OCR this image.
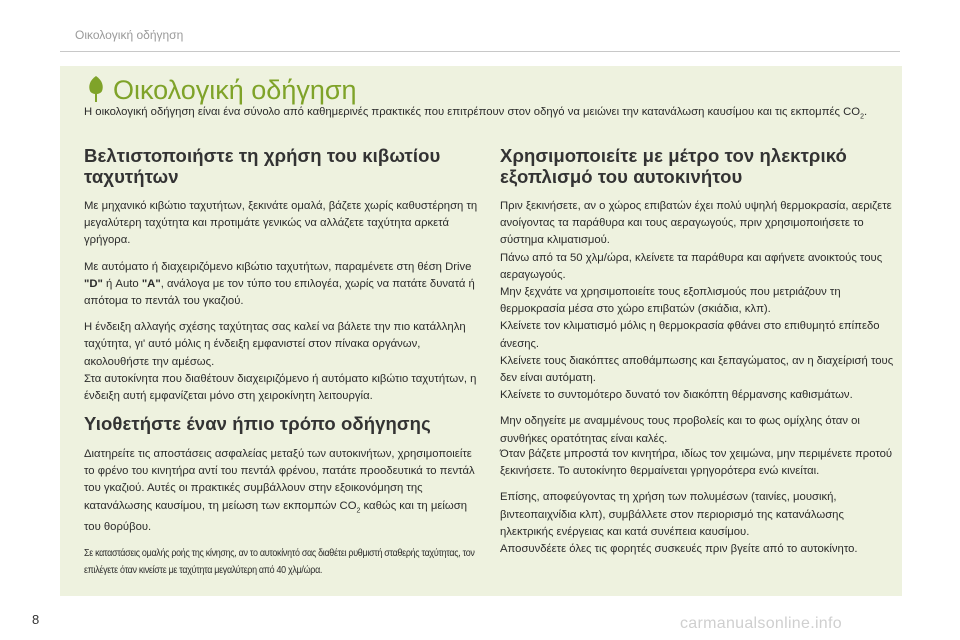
Οικολογική οδήγηση
Οικολογική οδήγηση
Η οικολογική οδήγηση είναι ένα σύνολο από καθημερινές πρακτικές που επιτρέπουν στον οδηγό να μειώνει την κατανάλωση καυσίμου και τις εκπομπές $CO_2$.
Βελτιστοποιήστε τη χρήση του κιβωτίου
ταχυτήτων

Με μηχανικό κιβώτιο ταχυτήτων, ξεκινάτε ομαλά, βάζετε χωρίς καθυστέρηση τη μεγαλύτερη ταχύτητα και προτιμάτε γενικώς να αλλάζετε ταχύτητα αρκετά γρήγορα.

Με αυτόματο ή διαχειριζόμενο κιβώτιο ταχυτήτων, παραμένετε στη θέση Drive "D" ή Auto "A", ανάλογα με τον τύπο του επιλογέα, χωρίς να πατάτε δυνατά ή απότομα το πεντάλ του γκαζιού.

Η ένδειξη αλλαγής σχέσης ταχύτητας σας καλεί να βάλετε την πιο κατάλληλη ταχύτητα, γι' αυτό μόλις η ένδειξη εμφανιστεί στον πίνακα οργάνων, ακολουθήστε την αμέσως.
Στα αυτοκίνητα που διαθέτουν διαχειριζόμενο ή αυτόματο κιβώτιο ταχυτήτων, η ένδειξη αυτή εμφανίζεται μόνο στη χειροκίνητη λειτουργία.

Υιοθετήστε έναν ήπιο τρόπο οδήγησης

Διατηρείτε τις αποστάσεις ασφαλείας μεταξύ των αυτοκινήτων, χρησιμοποιείτε το φρένο του κινητήρα αντί του πεντάλ φρένου, πατάτε προοδευτικά το πεντάλ του γκαζιού. Αυτές οι πρακτικές συμβάλλουν στην εξοικονόμηση της κατανάλωσης καυσίμου, τη μείωση των εκπομπών $CO_2$ καθώς και τη μείωση του θορύβου.

Σε καταστάσεις ομαλής ροής της κίνησης, αν το αυτοκίνητό σας διαθέτει ρυθμιστή σταθερής ταχύτητας, τον επιλέγετε όταν κινείστε με ταχύτητα μεγαλύτερη από 40 χλμ/ώρα.
Χρησιμοποιείτε με μέτρο τον ηλεκτρικό
εξοπλισμό του αυτοκινήτου

Πριν ξεκινήσετε, αν ο χώρος επιβατών έχει πολύ υψηλή θερμοκρασία, αεριζετε ανοίγοντας τα παράθυρα και τους αεραγωγούς, πριν χρησιμοποιήσετε το σύστημα κλιματισμού.
Πάνω από τα 50 χλμ/ώρα, κλείνετε τα παράθυρα και αφήνετε ανοικτούς τους αεραγωγούς.
Μην ξεχνάτε να χρησιμοποιείτε τους εξοπλισμούς που μετριάζουν τη θερμοκρασία μέσα στο χώρο επιβατών (σκιάδια, κλπ).
Κλείνετε τον κλιματισμό μόλις η θερμοκρασία φθάνει στο επιθυμητό επίπεδο άνεσης.
Κλείνετε τους διακόπτες αποθάμπωσης και ξεπαγώματος, αν η διαχείρισή τους δεν είναι αυτόματη.
Κλείνετε το συντομότερο δυνατό τον διακόπτη θέρμανσης καθισμάτων.

Μην οδηγείτε με αναμμένους τους προβολείς και το φως ομίχλης όταν οι συνθήκες ορατότητας είναι καλές.

Όταν βάζετε μπροστά τον κινητήρα, ιδίως τον χειμώνα, μην περιμένετε προτού ξεκινήσετε. Το αυτοκίνητο θερμαίνεται γρηγορότερα ενώ κινείται.

Επίσης, αποφεύγοντας τη χρήση των πολυμέσων (ταινίες, μουσική, βιντεοπαιχνίδια κλπ), συμβάλλετε στον περιορισμό της κατανάλωσης ηλεκτρικής ενέργειας και κατά συνέπεια καυσίμου.
Αποσυνδέετε όλες τις φορητές συσκευές πριν βγείτε από το αυτοκίνητο.

8	carmanualsonline.info
